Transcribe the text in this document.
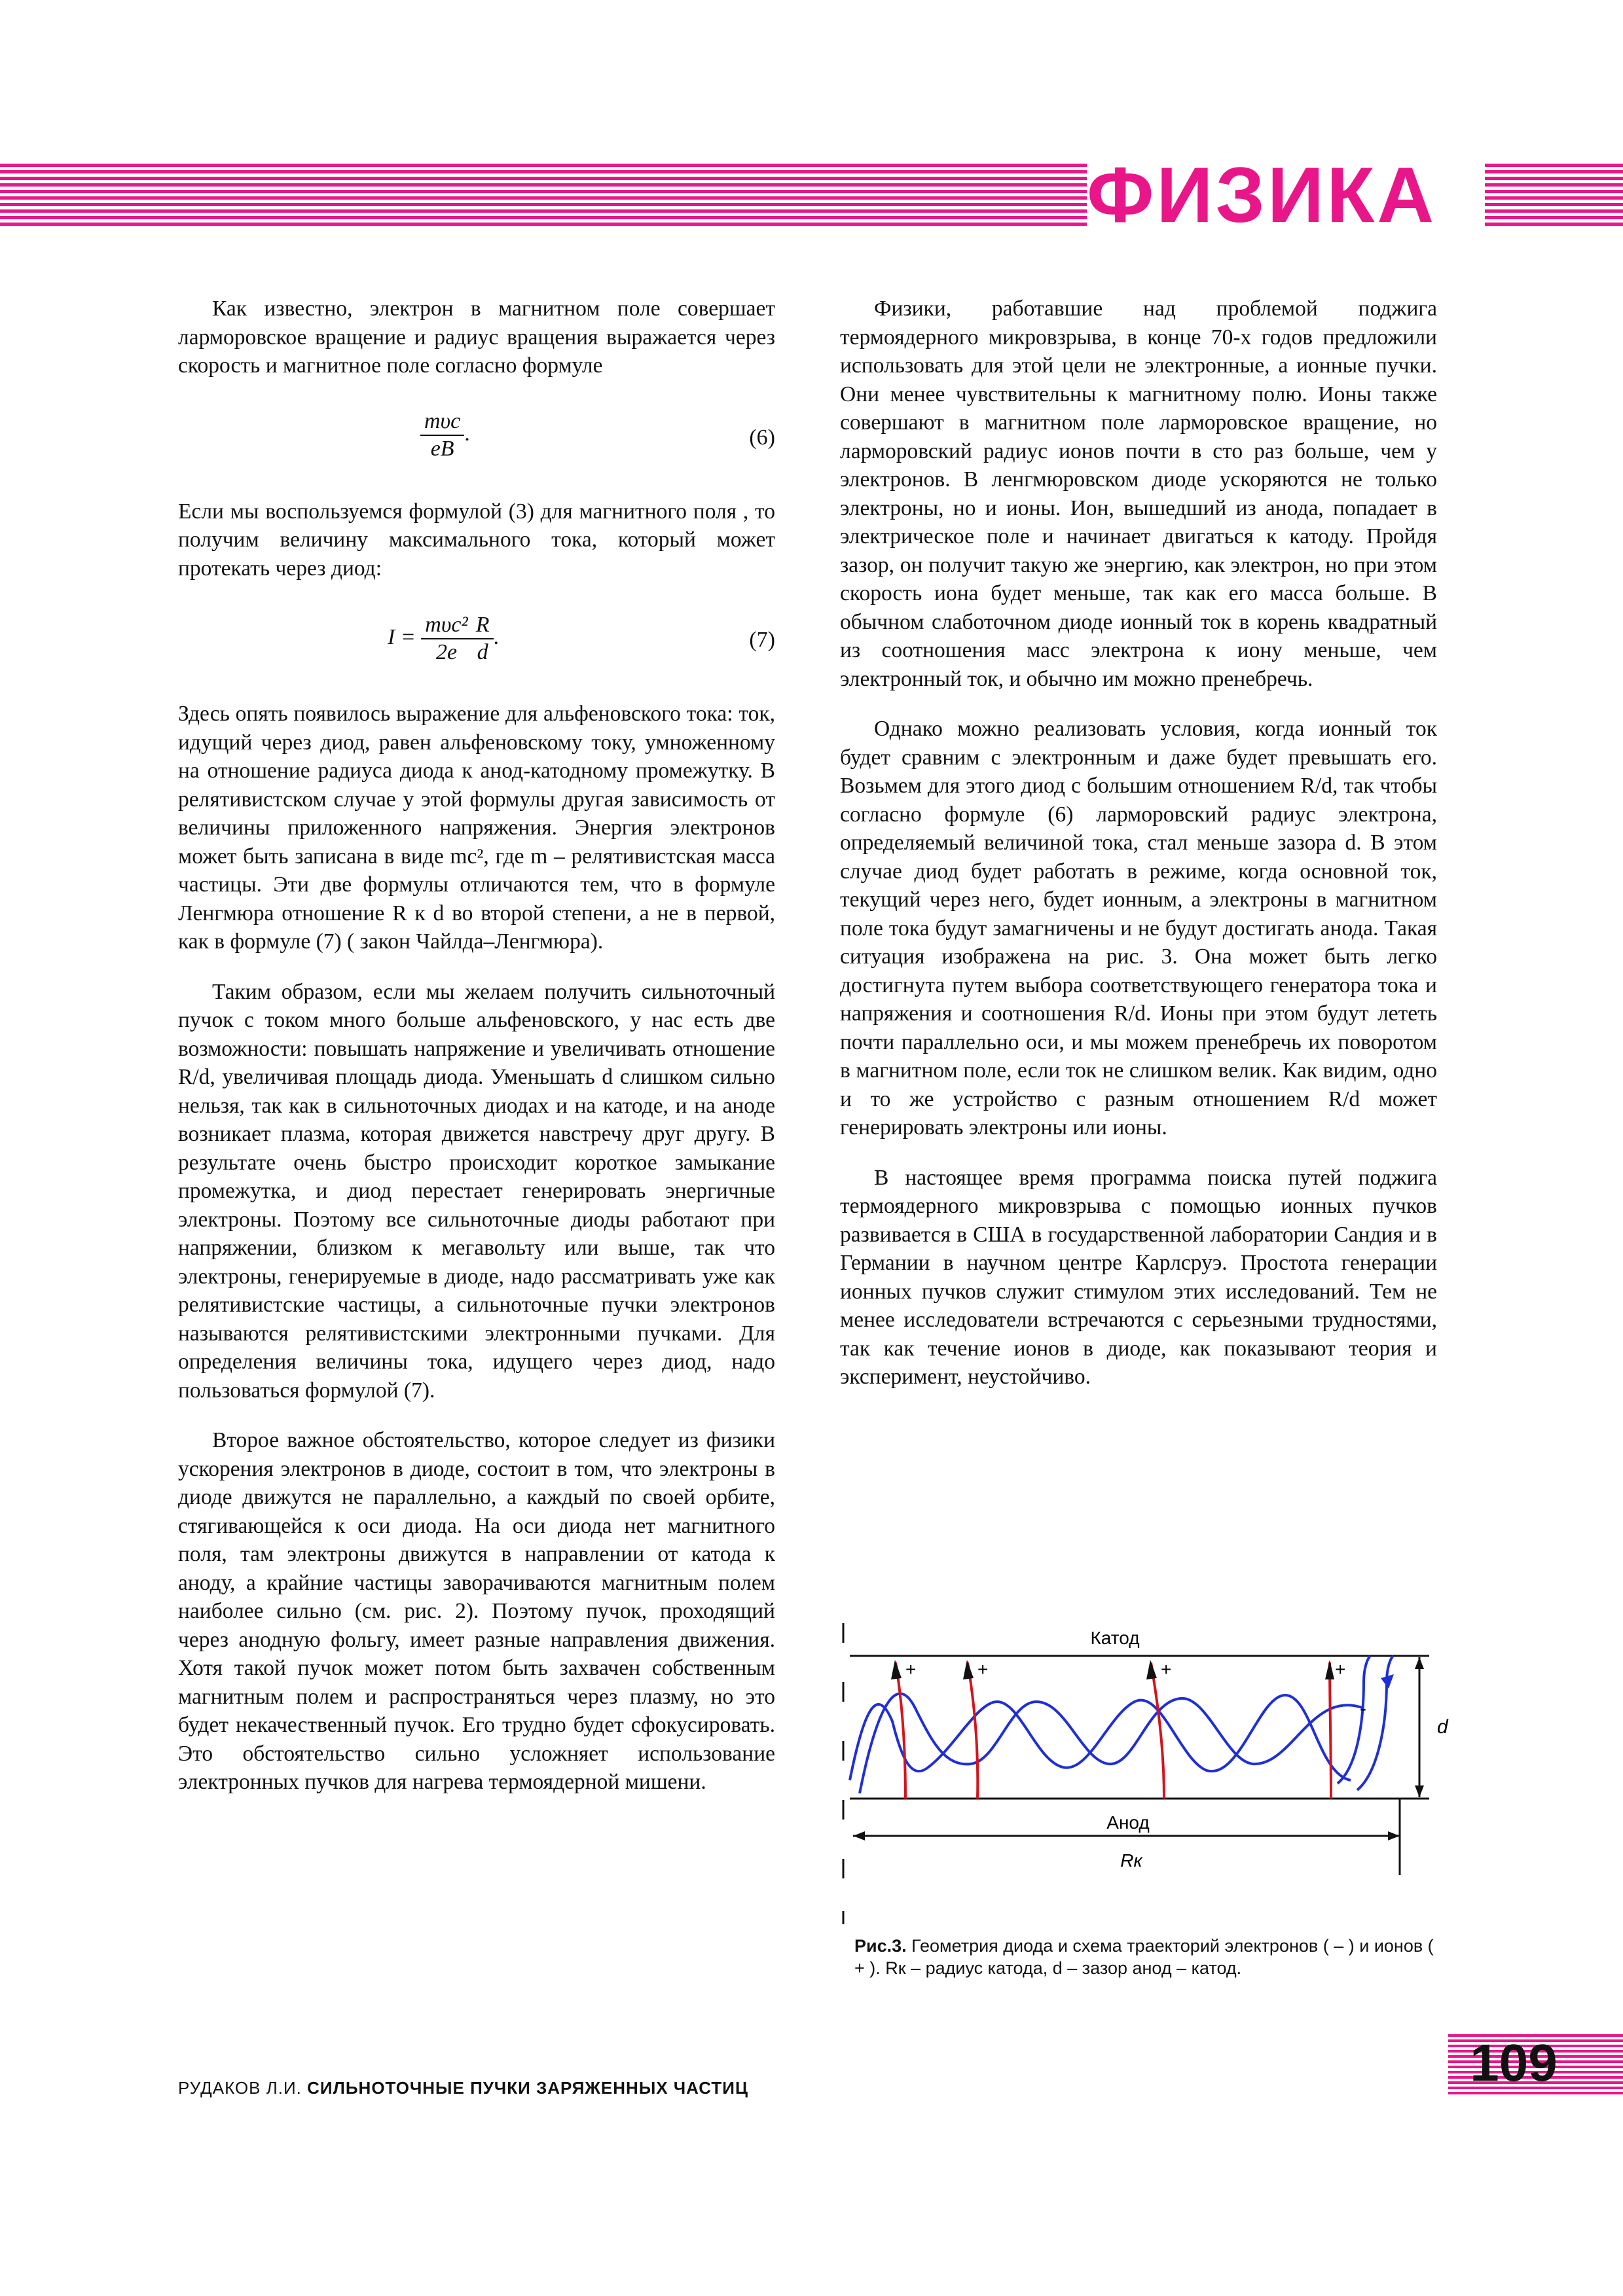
ФИЗИКА

Как известно, электрон в магнитном поле совершает ларморовское вращение и радиус вращения выражается через скорость и магнитное поле согласно формуле

$\frac{\text{mυc}}{eB}$ .	(6)

Если мы воспользуемся формулой (3) для магнитного поля , то получим величину максимального тока, который может протекать через диод:

$I = \frac{\text{mυc²}}{2e} \frac{R}{d}$ .	(7)

Здесь опять появилось выражение для альфеновского тока: ток, идущий через диод, равен альфеновскому току, умноженному на отношение радиуса диода к анод-катодному промежутку. В релятивистском случае у этой формулы другая зависимость от величины приложенного напряжения. Энергия электронов может быть записана в виде mc², где m – релятивистская масса частицы. Эти две формулы отличаются тем, что в формуле Ленгмюра отношение R к d во второй степени, а не в первой, как в формуле (7) ( закон Чайлда–Ленгмюра).

Таким образом, если мы желаем получить сильноточный пучок с током много больше альфеновского, у нас есть две возможности: повышать напряжение и увеличивать отношение R/d, увеличивая площадь диода. Уменьшать d слишком сильно нельзя, так как в сильноточных диодах и на катоде, и на аноде возникает плазма, которая движется навстречу друг другу. В результате очень быстро происходит короткое замыкание промежутка, и диод перестает генерировать энергичные электроны. Поэтому все сильноточные диоды работают при напряжении, близком к мегавольту или выше, так что электроны, генерируемые в диоде, надо рассматривать уже как релятивистские частицы, а сильноточные пучки электронов называются релятивистскими электронными пучками. Для определения величины тока, идущего через диод, надо пользоваться формулой (7).

Второе важное обстоятельство, которое следует из физики ускорения электронов в диоде, состоит в том, что электроны в диоде движутся не параллельно, а каждый по своей орбите, стягивающейся к оси диода. На оси диода нет магнитного поля, там электроны движутся в направлении от катода к аноду, а крайние частицы заворачиваются магнитным полем наиболее сильно (см. рис. 2). Поэтому пучок, проходящий через анодную фольгу, имеет разные направления движения. Хотя такой пучок может потом быть захвачен собственным магнитным полем и распространяться через плазму, но это будет некачественный пучок. Его трудно будет сфокусировать. Это обстоятельство сильно усложняет использование электронных пучков для нагрева термоядерной мишени.

Физики, работавшие над проблемой поджига термоядерного микровзрыва, в конце 70-х годов предложили использовать для этой цели не электронные, а ионные пучки. Они менее чувствительны к магнитному полю. Ионы также совершают в магнитном поле ларморовское вращение, но ларморовский радиус ионов почти в сто раз больше, чем у электронов. В ленгмюровском диоде ускоряются не только электроны, но и ионы. Ион, вышедший из анода, попадает в электрическое поле и начинает двигаться к катоду. Пройдя зазор, он получит такую же энергию, как электрон, но при этом скорость иона будет меньше, так как его масса больше. В обычном слаботочном диоде ионный ток в корень квадратный из соотношения масс электрона к иону меньше, чем электронный ток, и обычно им можно пренебречь.

Однако можно реализовать условия, когда ионный ток будет сравним с электронным и даже будет превышать его. Возьмем для этого диод с большим отношением R/d, так чтобы согласно формуле (6) ларморовский радиус электрона, определяемый величиной тока, стал меньше зазора d. В этом случае диод будет работать в режиме, когда основной ток, текущий через него, будет ионным, а электроны в магнитном поле тока будут замагничены и не будут достигать анода. Такая ситуация изображена на рис. 3. Она может быть легко достигнута путем выбора соответствующего генератора тока и напряжения и соотношения R/d. Ионы при этом будут лететь почти параллельно оси, и мы можем пренебречь их поворотом в магнитном поле, если ток не слишком велик. Как видим, одно и то же устройство с разным отношением R/d может генерировать электроны или ионы.

В настоящее время программа поиска путей поджига термоядерного микровзрыва с помощью ионных пучков развивается в США в государственной лаборатории Сандия и в Германии в научном центре Карлсруэ. Простота генерации ионных пучков служит стимулом этих исследований. Тем не менее исследователи встречаются с серьезными трудностями, так как течение ионов в диоде, как показывают теория и эксперимент, неустойчиво.

Катод
Анод
d
Rк
+	+	+	+
-
Рис.3. Геометрия диода и схема траекторий электронов ( – ) и ионов ( + ). Rк – радиус катода, d – зазор анод – катод.
РУДАКОВ Л.И. СИЛЬНОТОЧНЫЕ ПУЧКИ ЗАРЯЖЕННЫХ ЧАСТИЦ	109
